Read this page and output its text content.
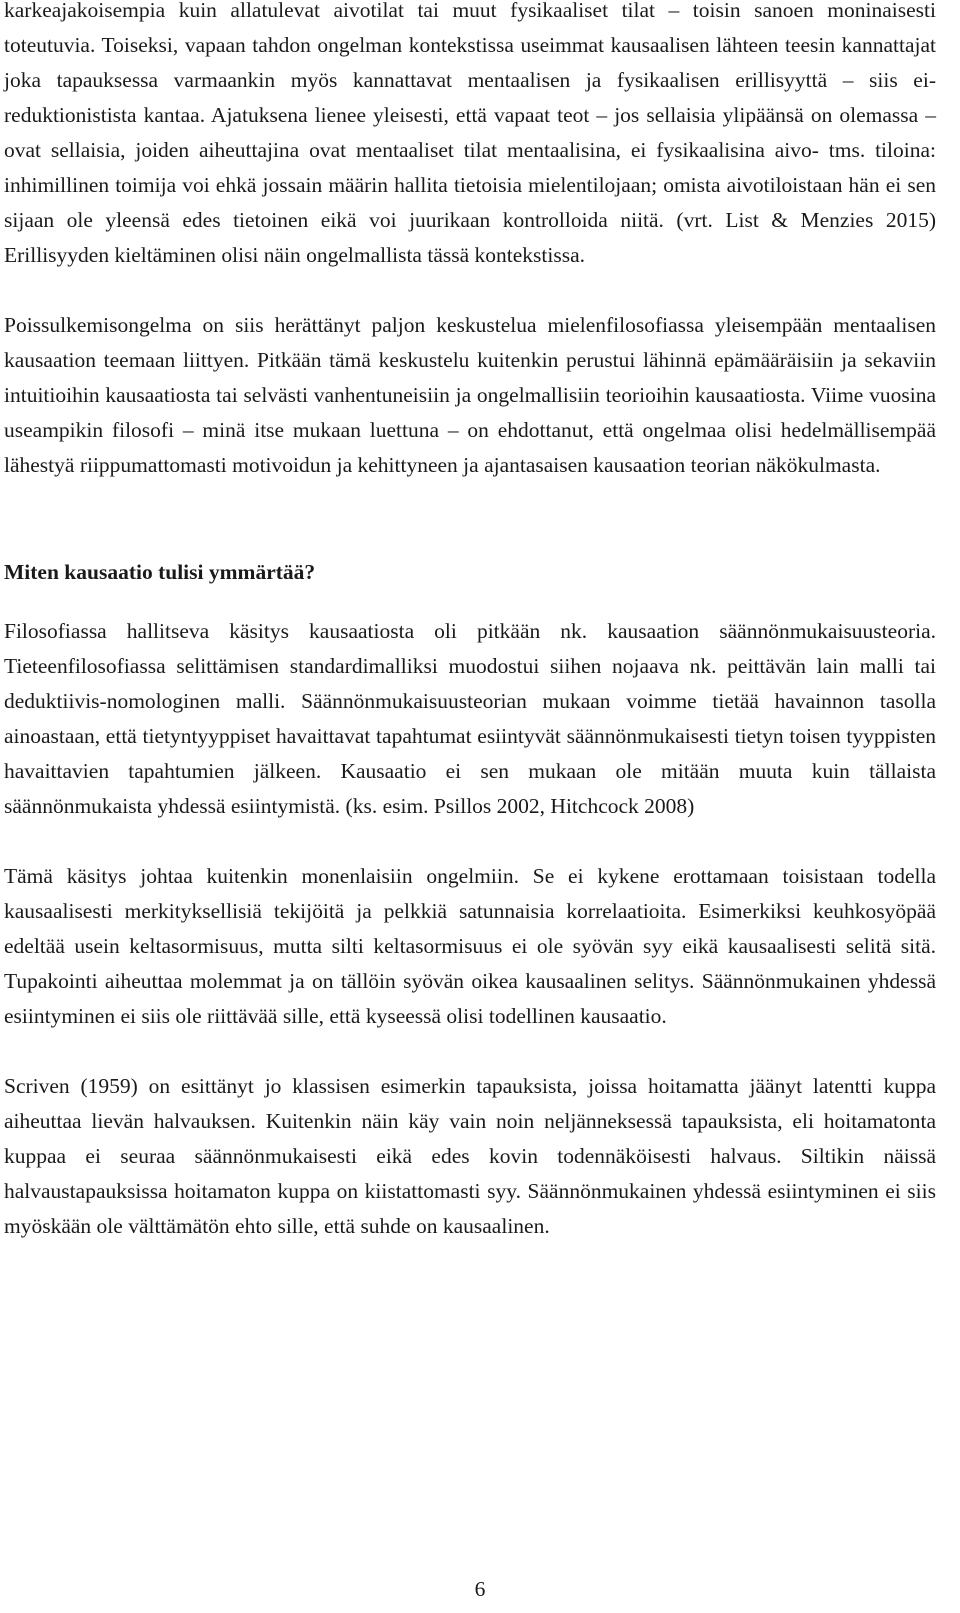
karkeajakoisempia kuin allatulevat aivotilat tai muut fysikaaliset tilat – toisin sanoen moninaisesti toteutuvia. Toiseksi, vapaan tahdon ongelman kontekstissa useimmat kausaalisen lähteen teesin kannattajat joka tapauksessa varmaankin myös kannattavat mentaalisen ja fysikaalisen erillisyyttä – siis ei-reduktionistista kantaa. Ajatuksena lienee yleisesti, että vapaat teot – jos sellaisia ylipäänsä on olemassa – ovat sellaisia, joiden aiheuttajina ovat mentaaliset tilat mentaalisina, ei fysikaalisina aivo- tms. tiloina: inhimillinen toimija voi ehkä jossain määrin hallita tietoisia mielentilojaan; omista aivotiloistaan hän ei sen sijaan ole yleensä edes tietoinen eikä voi juurikaan kontrolloida niitä. (vrt. List & Menzies 2015) Erillisyyden kieltäminen olisi näin ongelmallista tässä kontekstissa.

Poissulkemisongelma on siis herättänyt paljon keskustelua mielenfilosofiassa yleisempään mentaalisen kausaation teemaan liittyen. Pitkään tämä keskustelu kuitenkin perustui lähinnä epämääräisiin ja sekaviin intuitioihin kausaatiosta tai selvästi vanhentuneisiin ja ongelmallisiin teorioihin kausaatiosta. Viime vuosina useampikin filosofi – minä itse mukaan luettuna – on ehdottanut, että ongelmaa olisi hedelmällisempää lähestyä riippumattomasti motivoidun ja kehittyneen ja ajantasaisen kausaation teorian näkökulmasta.

Miten kausaatio tulisi ymmärtää?

Filosofiassa hallitseva käsitys kausaatiosta oli pitkään nk. kausaation säännönmukaisuusteoria. Tieteenfilosofiassa selittämisen standardimalliksi muodostui siihen nojaava nk. peittävän lain malli tai deduktiivis-nomologinen malli. Säännönmukaisuusteorian mukaan voimme tietää havainnon tasolla ainoastaan, että tietyntyyppiset havaittavat tapahtumat esiintyvät säännönmukaisesti tietyn toisen tyyppisten havaittavien tapahtumien jälkeen. Kausaatio ei sen mukaan ole mitään muuta kuin tällaista säännönmukaista yhdessä esiintymistä. (ks. esim. Psillos 2002, Hitchcock 2008)

Tämä käsitys johtaa kuitenkin monenlaisiin ongelmiin. Se ei kykene erottamaan toisistaan todella kausaalisesti merkityksellisiä tekijöitä ja pelkkiä satunnaisia korrelaatioita. Esimerkiksi keuhkosyöpää edeltää usein keltasormisuus, mutta silti keltasormisuus ei ole syövän syy eikä kausaalisesti selitä sitä. Tupakointi aiheuttaa molemmat ja on tällöin syövän oikea kausaalinen selitys. Säännönmukainen yhdessä esiintyminen ei siis ole riittävää sille, että kyseessä olisi todellinen kausaatio.

Scriven (1959) on esittänyt jo klassisen esimerkin tapauksista, joissa hoitamatta jäänyt latentti kuppa aiheuttaa lievän halvauksen. Kuitenkin näin käy vain noin neljänneksessä tapauksista, eli hoitamatonta kuppaa ei seuraa säännönmukaisesti eikä edes kovin todennäköisesti halvaus. Siltikin näissä halvaustapauksissa hoitamaton kuppa on kiistattomasti syy. Säännönmukainen yhdessä esiintyminen ei siis myöskään ole välttämätön ehto sille, että suhde on kausaalinen.

6
